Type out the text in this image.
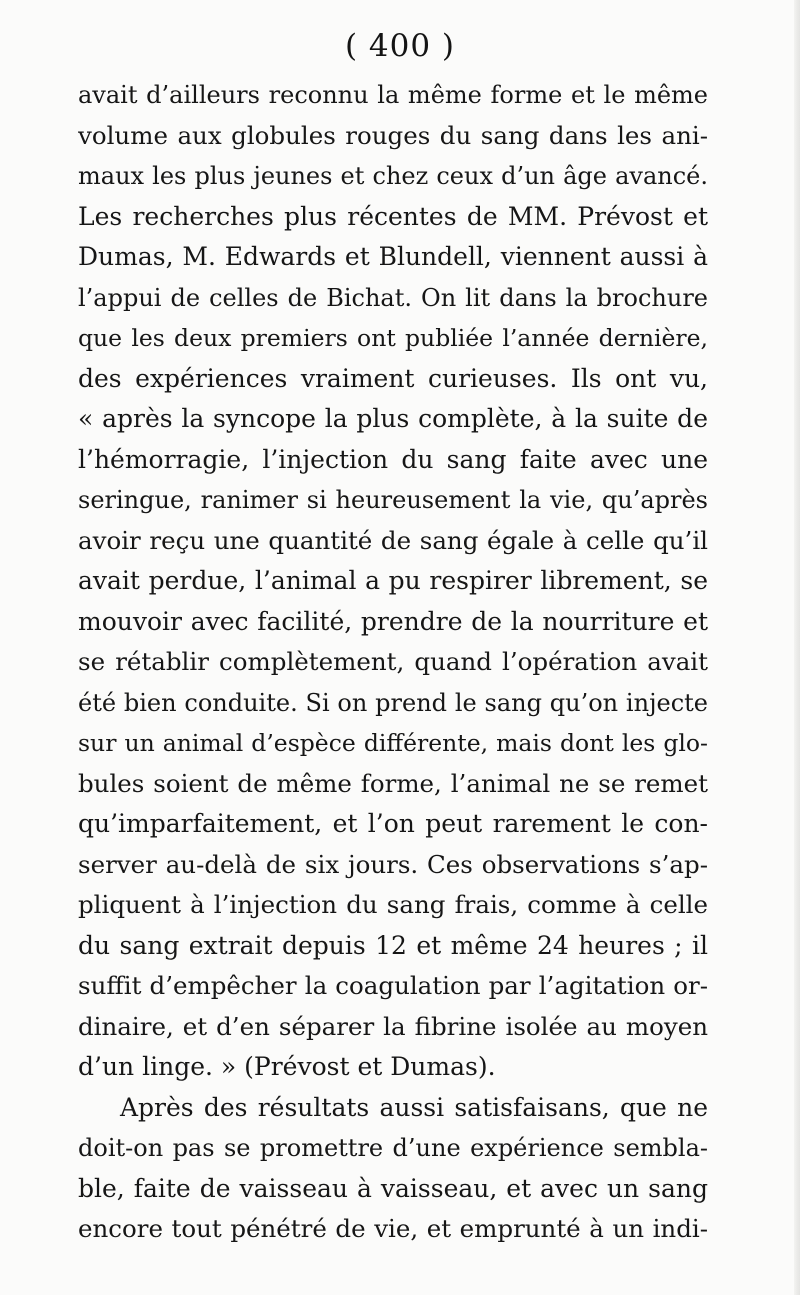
( 400 )
avait d’ailleurs reconnu la même forme et le même
volume aux globules rouges du sang dans les ani-
maux les plus jeunes et chez ceux d’un âge avancé.
Les recherches plus récentes de MM. Prévost et
Dumas, M. Edwards et Blundell, viennent aussi à
l’appui de celles de Bichat. On lit dans la brochure
que les deux premiers ont publiée l’année dernière,
des expériences vraiment curieuses. Ils ont vu,
« après la syncope la plus complète, à la suite de
l’hémorragie, l’injection du sang faite avec une
seringue, ranimer si heureusement la vie, qu’après
avoir reçu une quantité de sang égale à celle qu’il
avait perdue, l’animal a pu respirer librement, se
mouvoir avec facilité, prendre de la nourriture et
se rétablir complètement, quand l’opération avait
été bien conduite. Si on prend le sang qu’on injecte
sur un animal d’espèce différente, mais dont les glo-
bules soient de même forme, l’animal ne se remet
qu’imparfaitement, et l’on peut rarement le con-
server au-delà de six jours. Ces observations s’ap-
pliquent à l’injection du sang frais, comme à celle
du sang extrait depuis 12 et même 24 heures ; il
suffit d’empêcher la coagulation par l’agitation or-
dinaire, et d’en séparer la fibrine isolée au moyen
d’un linge. » (Prévost et Dumas).
Après des résultats aussi satisfaisans, que ne
doit-on pas se promettre d’une expérience sembla-
ble, faite de vaisseau à vaisseau, et avec un sang
encore tout pénétré de vie, et emprunté à un indi-
